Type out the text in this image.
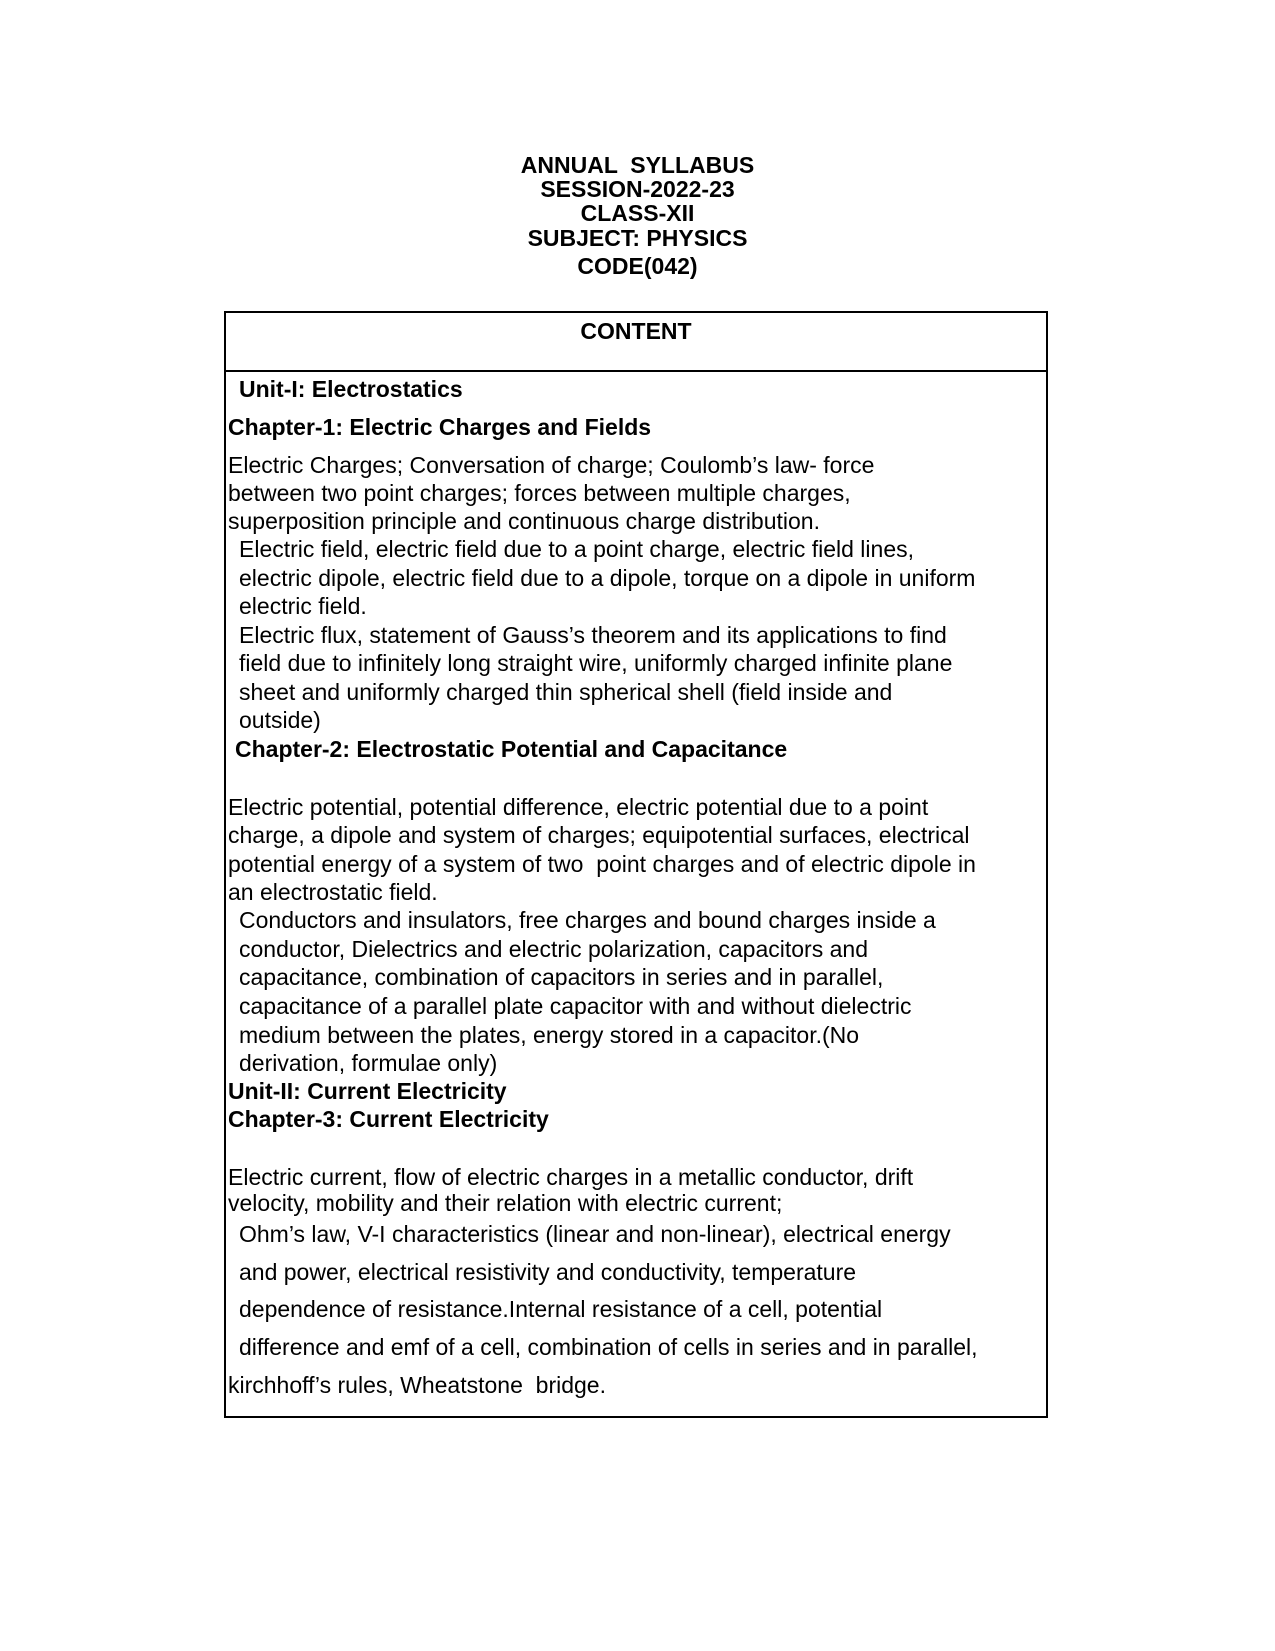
ANNUAL  SYLLABUS
SESSION-2022-23
CLASS-XII
SUBJECT: PHYSICS
CODE(042)
CONTENT
Unit-I: Electrostatics
Chapter-1: Electric Charges and Fields
Electric Charges; Conversation of charge; Coulomb’s law- force
between two point charges; forces between multiple charges,
superposition principle and continuous charge distribution.
Electric field, electric field due to a point charge, electric field lines,
electric dipole, electric field due to a dipole, torque on a dipole in uniform
electric field.
Electric flux, statement of Gauss’s theorem and its applications to find
field due to infinitely long straight wire, uniformly charged infinite plane
sheet and uniformly charged thin spherical shell (field inside and
outside)
Chapter-2: Electrostatic Potential and Capacitance
Electric potential, potential difference, electric potential due to a point
charge, a dipole and system of charges; equipotential surfaces, electrical
potential energy of a system of two  point charges and of electric dipole in
an electrostatic field.
Conductors and insulators, free charges and bound charges inside a
conductor, Dielectrics and electric polarization, capacitors and
capacitance, combination of capacitors in series and in parallel,
capacitance of a parallel plate capacitor with and without dielectric
medium between the plates, energy stored in a capacitor.(No
derivation, formulae only)
Unit-II: Current Electricity
Chapter-3: Current Electricity
Electric current, flow of electric charges in a metallic conductor, drift
velocity, mobility and their relation with electric current;
Ohm’s law, V-I characteristics (linear and non-linear), electrical energy
and power, electrical resistivity and conductivity, temperature
dependence of resistance.Internal resistance of a cell, potential
difference and emf of a cell, combination of cells in series and in parallel,
kirchhoff’s rules, Wheatstone  bridge.
